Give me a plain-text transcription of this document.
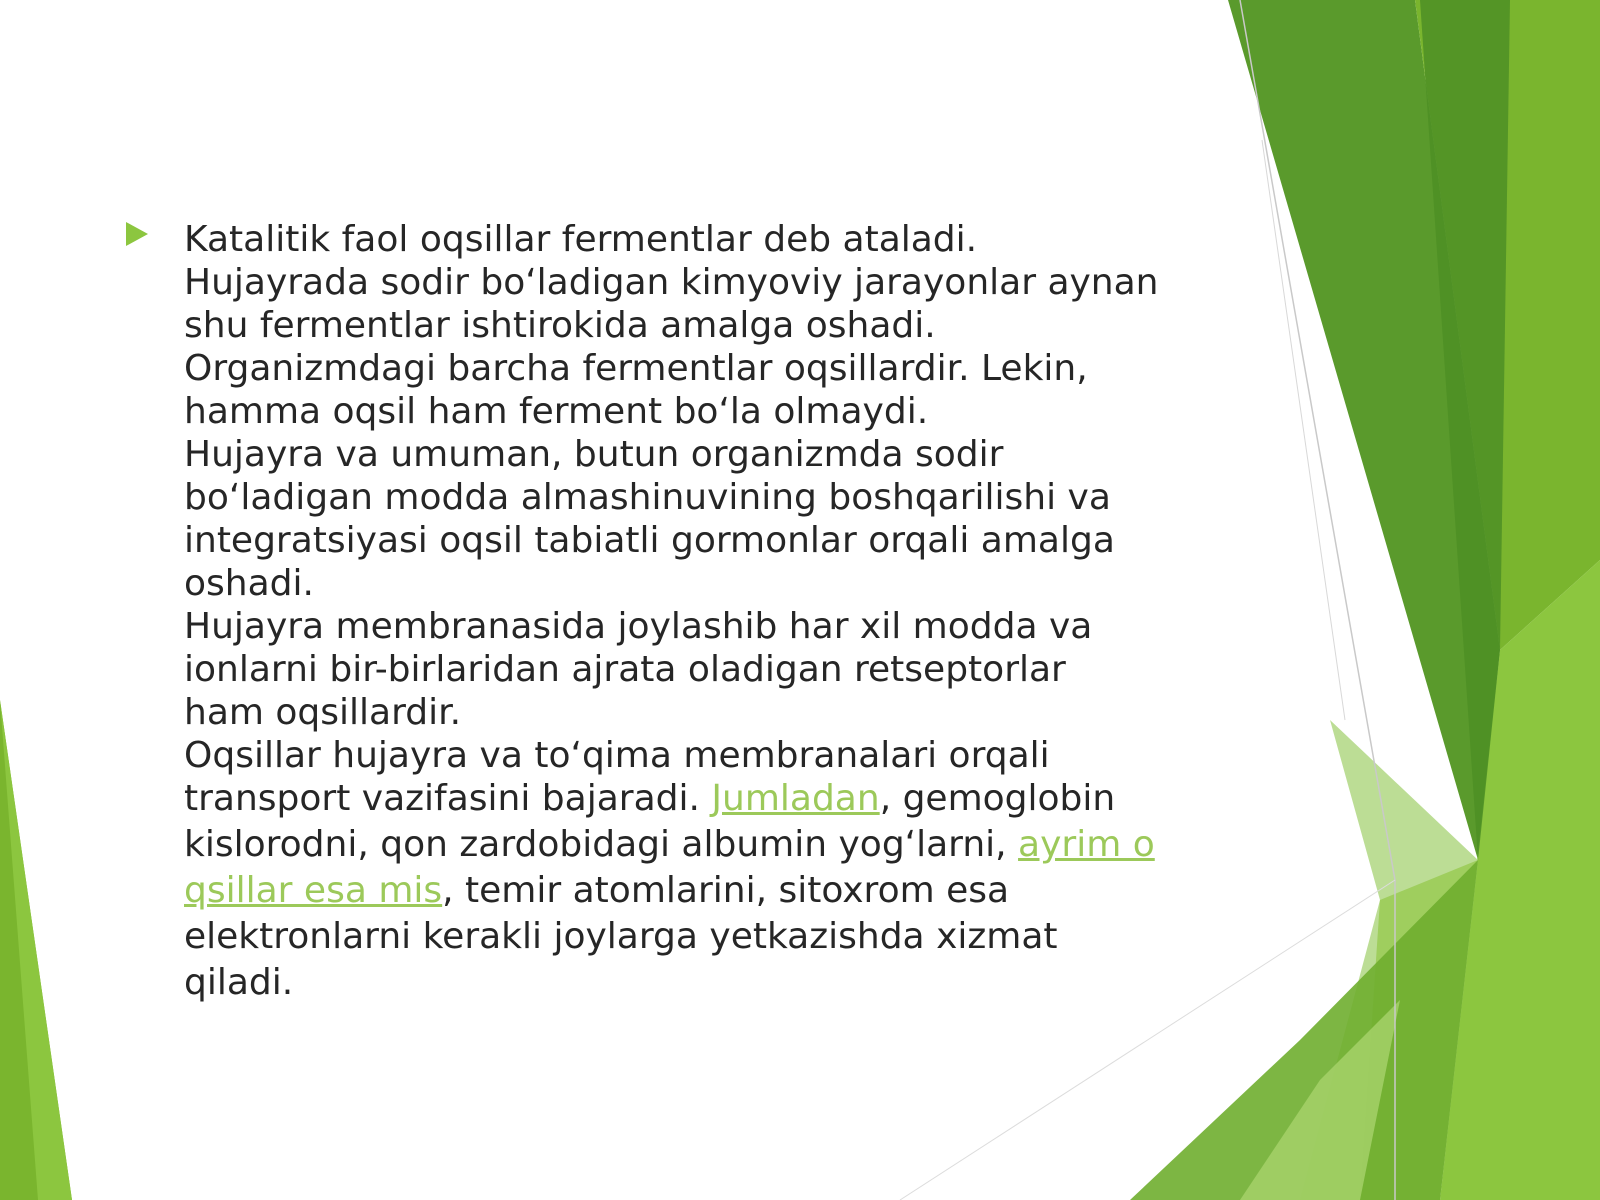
Katalitik faol oqsillar fermentlar deb ataladi.
Hujayrada sodir bo‘ladigan kimyoviy jarayonlar aynan
shu fermentlar ishtirokida amalga oshadi.
Organizmdagi barcha fermentlar oqsillardir. Lekin,
hamma oqsil ham ferment bo‘la olmaydi.
Hujayra va umuman, butun organizmda sodir
bo‘ladigan modda almashinuvining boshqarilishi va
integratsiyasi oqsil tabiatli gormonlar orqali amalga
oshadi.
Hujayra membranasida joylashib har xil modda va
ionlarni bir-birlaridan ajrata oladigan retseptorlar
ham oqsillardir.
Oqsillar hujayra va to‘qima membranalari orqali
transport vazifasini bajaradi. Jumladan, gemoglobin
kislorodni, qon zardobidagi albumin yog‘larni, ayrim o
qsillar esa mis, temir atomlarini, sitoxrom esa
elektronlarni kerakli joylarga yetkazishda xizmat
qiladi.
